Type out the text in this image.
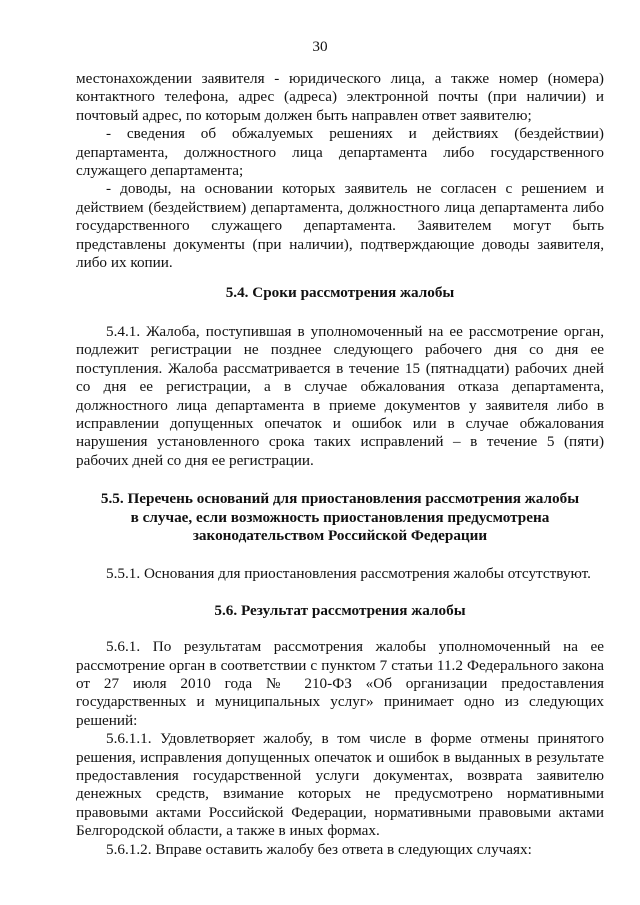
30

местонахождении заявителя - юридического лица, а также номер (номера) контактного телефона, адрес (адреса) электронной почты (при наличии) и почтовый адрес, по которым должен быть направлен ответ заявителю;

- сведения об обжалуемых решениях и действиях (бездействии) департамента, должностного лица департамента либо государственного служащего департамента;

- доводы, на основании которых заявитель не согласен с решением и действием (бездействием) департамента, должностного лица департамента либо государственного служащего департамента. Заявителем могут быть представлены документы (при наличии), подтверждающие доводы заявителя, либо их копии.

5.4. Сроки рассмотрения жалобы

5.4.1. Жалоба, поступившая в уполномоченный на ее рассмотрение орган, подлежит регистрации не позднее следующего рабочего дня со дня ее поступления. Жалоба рассматривается в течение 15 (пятнадцати) рабочих дней со дня ее регистрации, а в случае обжалования отказа департамента, должностного лица департамента в приеме документов у заявителя либо в исправлении допущенных опечаток и ошибок или в случае обжалования нарушения установленного срока таких исправлений – в течение 5 (пяти) рабочих дней со дня ее регистрации.

5.5. Перечень оснований для приостановления рассмотрения жалобы
в случае, если возможность приостановления предусмотрена
законодательством Российской Федерации

5.5.1. Основания для приостановления рассмотрения жалобы отсутствуют.

5.6. Результат рассмотрения жалобы

5.6.1. По результатам рассмотрения жалобы уполномоченный на ее рассмотрение орган в соответствии с пунктом 7 статьи 11.2 Федерального закона от 27 июля 2010 года № 210-ФЗ «Об организации предоставления государственных и муниципальных услуг» принимает одно из следующих решений:

5.6.1.1. Удовлетворяет жалобу, в том числе в форме отмены принятого решения, исправления допущенных опечаток и ошибок в выданных в результате предоставления государственной услуги документах, возврата заявителю денежных средств, взимание которых не предусмотрено нормативными правовыми актами Российской Федерации, нормативными правовыми актами Белгородской области, а также в иных формах.

5.6.1.2. Вправе оставить жалобу без ответа в следующих случаях:
